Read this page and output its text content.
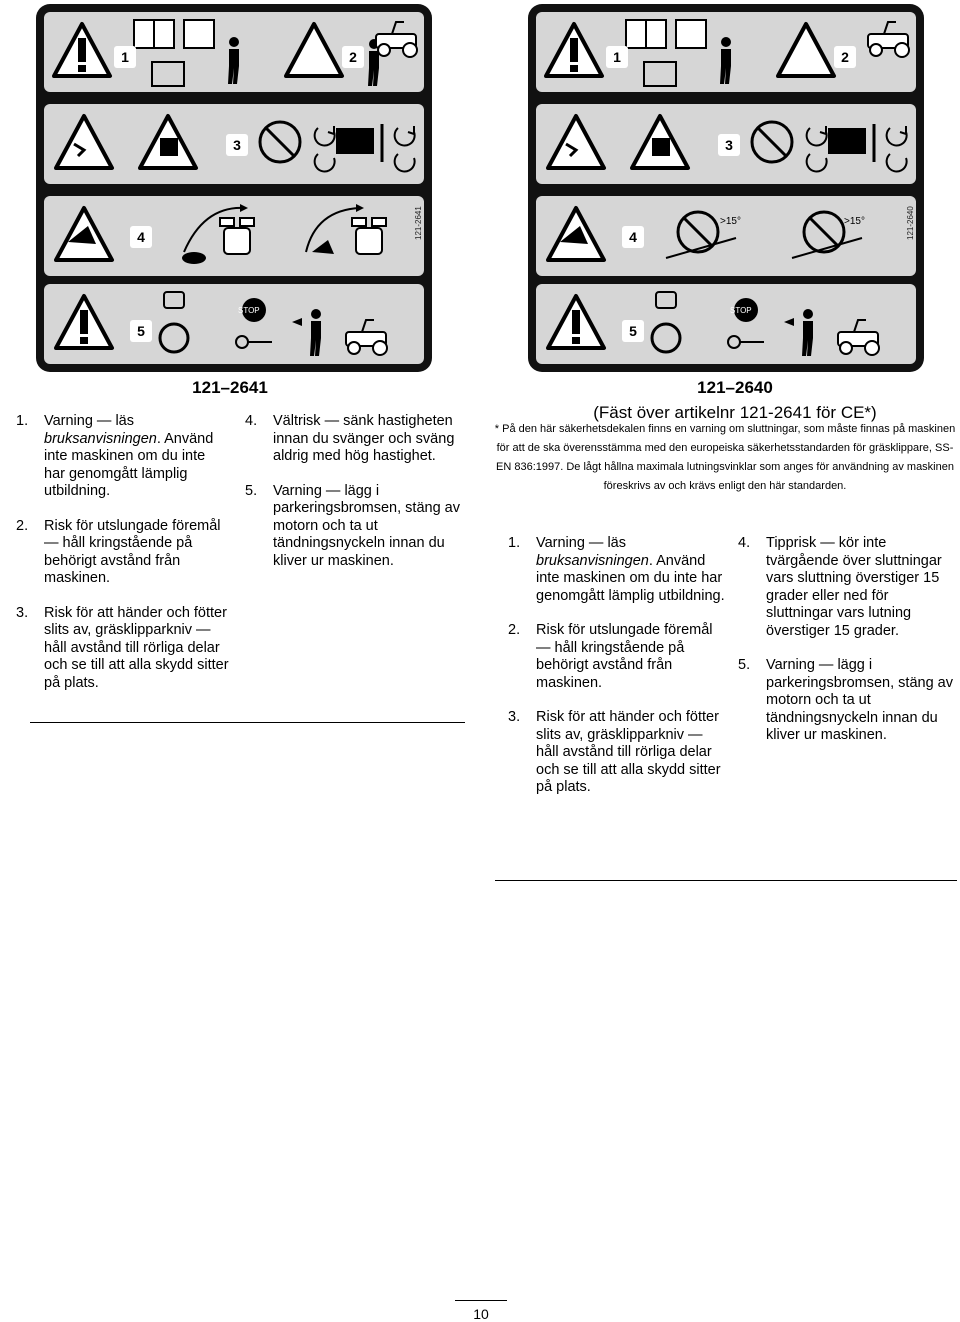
1	2
3
4	121-2641
5
1	2
3
4
>15°	>15°	121-2640
5
STOP	STOP
121–2641
1.	Varning — läs bruksanvisningen. Använd inte maskinen om du inte har genomgått lämplig utbildning.
2.	Risk för utslungade föremål — håll kringstående på behörigt avstånd från maskinen.
3.	Risk för att händer och fötter slits av, gräsklipparkniv — håll avstånd till rörliga delar och se till att alla skydd sitter på plats.
4.	Vältrisk — sänk hastigheten innan du svänger och sväng aldrig med hög hastighet.
5.	Varning — lägg i parkeringsbromsen, stäng av motorn och ta ut tändningsnyckeln innan du kliver ur maskinen.
121–2640
(Fäst över artikelnr 121-2641 för CE*)
* På den här säkerhetsdekalen finns en varning om sluttningar, som måste finnas på maskinen för att de ska överensstämma med den europeiska säkerhetsstandarden för gräsklippare, SS-EN 836:1997. De lågt hållna maximala lutningsvinklar som anges för användning av maskinen föreskrivs av och krävs enligt den här standarden.
1.	Varning — läs bruksanvisningen. Använd inte maskinen om du inte har genomgått lämplig utbildning.
2.	Risk för utslungade föremål — håll kringstående på behörigt avstånd från maskinen.
3.	Risk för att händer och fötter slits av, gräsklipparkniv — håll avstånd till rörliga delar och se till att alla skydd sitter på plats.
4.	Tipprisk — kör inte tvärgående över sluttningar vars sluttning överstiger 15 grader eller ned för sluttningar vars lutning överstiger 15 grader.
5.	Varning — lägg i parkeringsbromsen, stäng av motorn och ta ut tändningsnyckeln innan du kliver ur maskinen.
10
